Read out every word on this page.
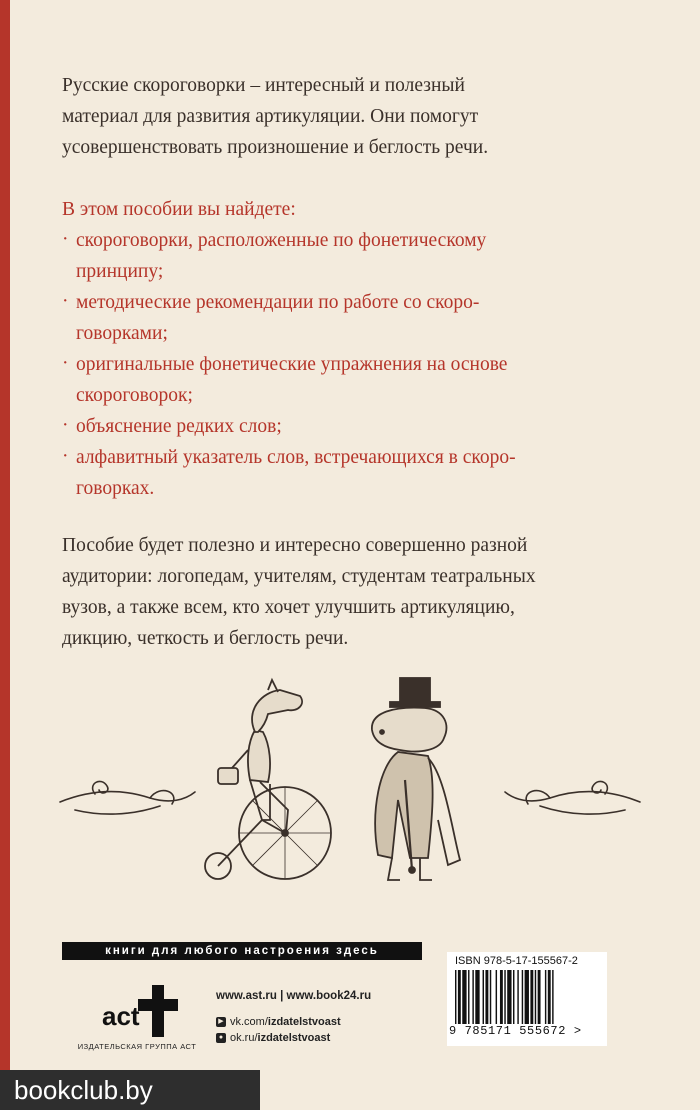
Русские скороговорки – интересный и полезный
материал для развития артикуляции. Они помогут
усовершенствовать произношение и беглость речи.
В этом пособии вы найдете:
· скороговорки, расположенные по фонетическому
принципу;
· методические рекомендации по работе со скоро-
говорками;
· оригинальные фонетические упражнения на основе
скороговорок;
· объяснение редких слов;
· алфавитный указатель слов, встречающихся в скоро-
говорках.
Пособие будет полезно и интересно совершенно разной
аудитории: логопедам, учителям, студентам театральных
вузов, а также всем, кто хочет улучшить артикуляцию,
дикцию, четкость и беглость речи.
книги для любого настроения здесь
act
ИЗДАТЕЛЬСКАЯ ГРУППА АСТ
www.ast.ru | www.book24.ru
▶ vk.com/ izdatelstvoast
● ok.ru/ izdatelstvoast
ISBN 978-5-17-155567-2
9 785171 555672 >
bookclub.by
